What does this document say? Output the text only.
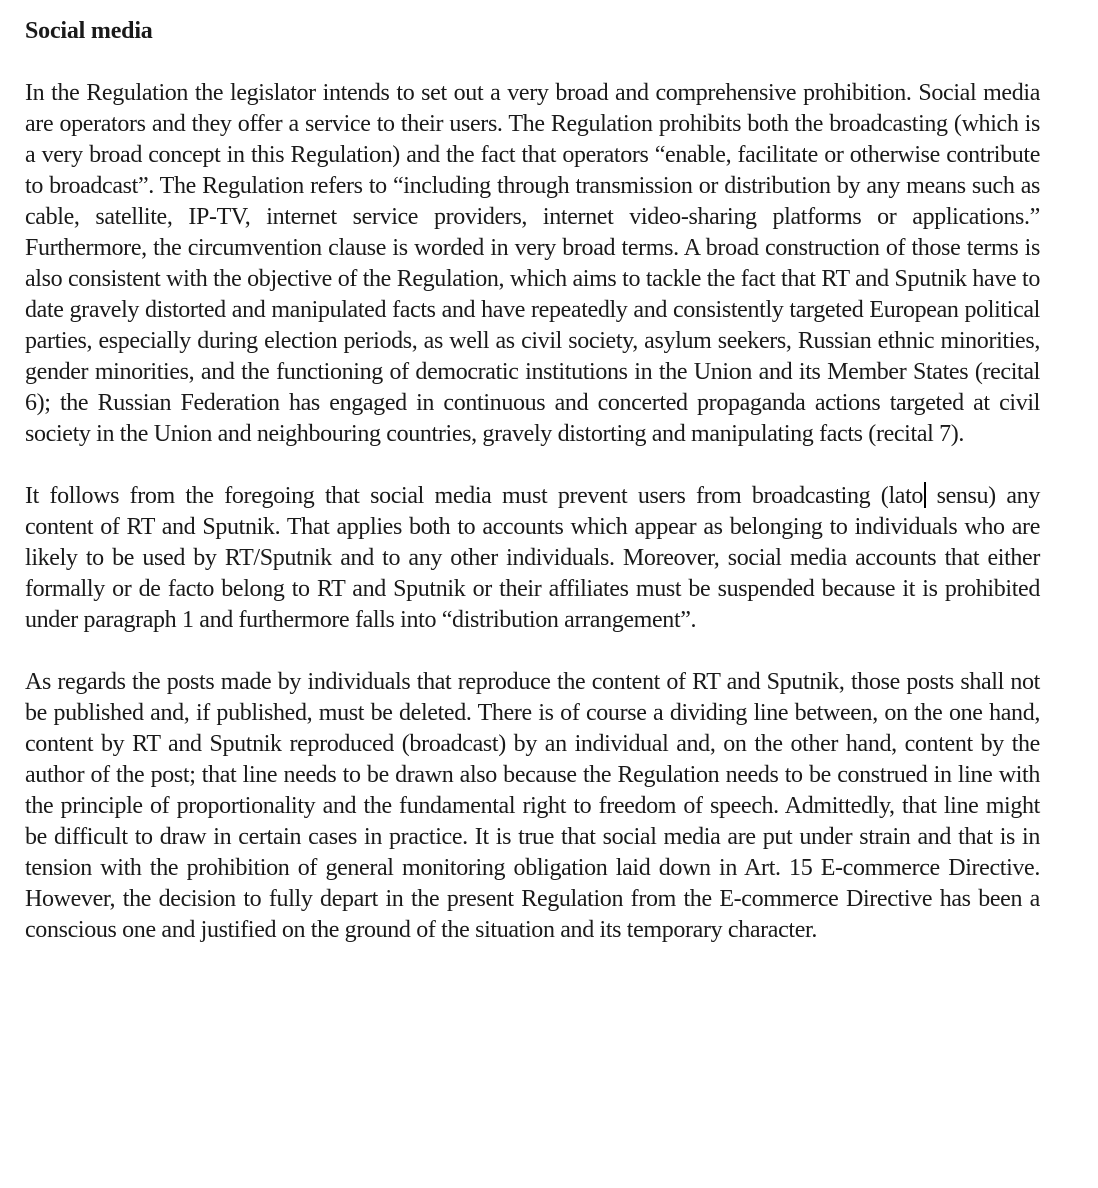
Social media

In the Regulation the legislator intends to set out a very broad and comprehensive prohibition. Social media are operators and they offer a service to their users. The Regulation prohibits both the broadcasting (which is a very broad concept in this Regulation) and the fact that operators “enable, facilitate or otherwise contribute to broadcast”. The Regulation refers to “including through transmission or distribution by any means such as cable, satellite, IP-TV, internet service providers, internet video-sharing platforms or applications.” Furthermore, the circumvention clause is worded in very broad terms. A broad construction of those terms is also consistent with the objective of the Regulation, which aims to tackle the fact that RT and Sputnik have to date gravely distorted and manipulated facts and have repeatedly and consistently targeted European political parties, especially during election periods, as well as civil society, asylum seekers, Russian ethnic minorities, gender minorities, and the functioning of democratic institutions in the Union and its Member States (recital 6); the Russian Federation has engaged in continuous and concerted propaganda actions targeted at civil society in the Union and neighbouring countries, gravely distorting and manipulating facts (recital 7).

It follows from the foregoing that social media must prevent users from broadcasting (lato sensu) any content of RT and Sputnik. That applies both to accounts which appear as belonging to individuals who are likely to be used by RT/Sputnik and to any other individuals. Moreover, social media accounts that either formally or de facto belong to RT and Sputnik or their affiliates must be suspended because it is prohibited under paragraph 1 and furthermore falls into “distribution arrangement”.

As regards the posts made by individuals that reproduce the content of RT and Sputnik, those posts shall not be published and, if published, must be deleted. There is of course a dividing line between, on the one hand, content by RT and Sputnik reproduced (broadcast) by an individual and, on the other hand, content by the author of the post; that line needs to be drawn also because the Regulation needs to be construed in line with the principle of proportionality and the fundamental right to freedom of speech. Admittedly, that line might be difficult to draw in certain cases in practice. It is true that social media are put under strain and that is in tension with the prohibition of general monitoring obligation laid down in Art. 15 E-commerce Directive. However, the decision to fully depart in the present Regulation from the E-commerce Directive has been a conscious one and justified on the ground of the situation and its temporary character.
